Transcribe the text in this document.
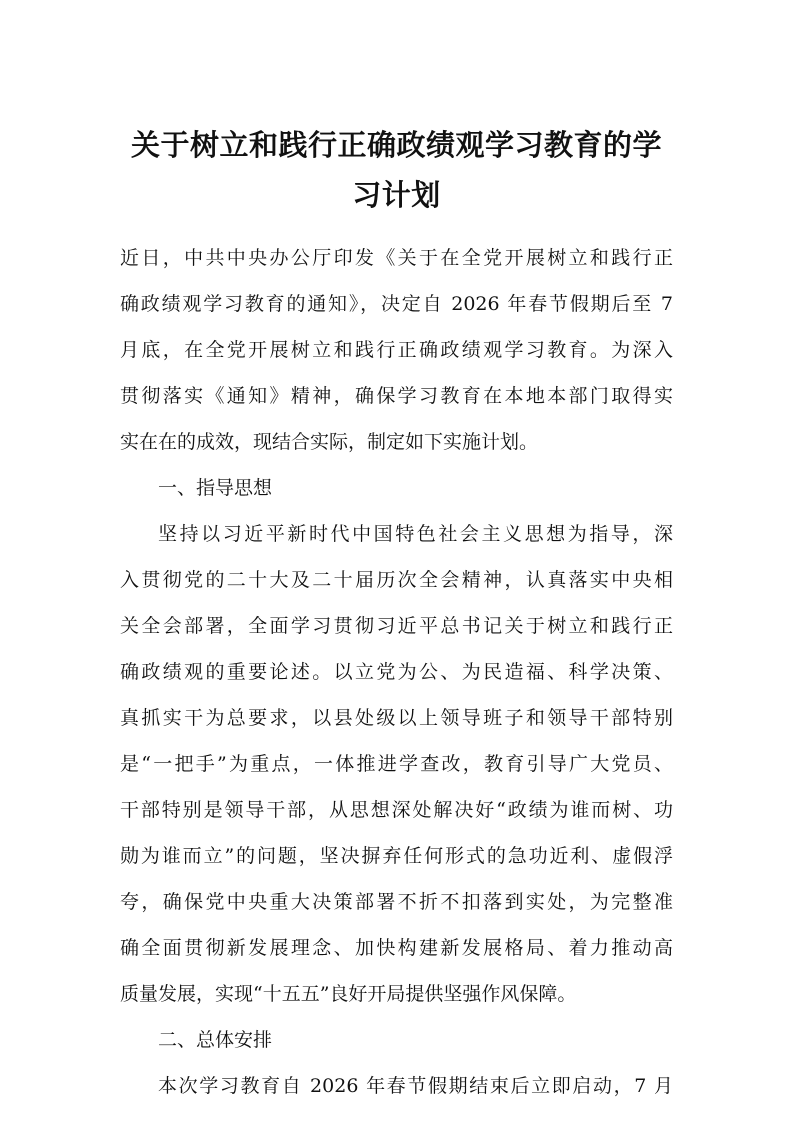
关于树立和践行正确政绩观学习教育的学
习计划
近日，中共中央办公厅印发《关于在全党开展树立和践行正
确政绩观学习教育的通知》，决定自 2026 年春节假期后至 7
月底，在全党开展树立和践行正确政绩观学习教育。为深入
贯彻落实《通知》精神，确保学习教育在本地本部门取得实
实在在的成效，现结合实际，制定如下实施计划。
一、指导思想
坚持以习近平新时代中国特色社会主义思想为指导，深
入贯彻党的二十大及二十届历次全会精神，认真落实中央相
关全会部署，全面学习贯彻习近平总书记关于树立和践行正
确政绩观的重要论述。以立党为公、为民造福、科学决策、
真抓实干为总要求，以县处级以上领导班子和领导干部特别
是“一把手”为重点，一体推进学查改，教育引导广大党员、
干部特别是领导干部，从思想深处解决好“政绩为谁而树、功
勋为谁而立”的问题，坚决摒弃任何形式的急功近利、虚假浮
夸，确保党中央重大决策部署不折不扣落到实处，为完整准
确全面贯彻新发展理念、加快构建新发展格局、着力推动高
质量发展，实现“十五五”良好开局提供坚强作风保障。
二、总体安排
本次学习教育自 2026 年春节假期结束后立即启动，7 月
